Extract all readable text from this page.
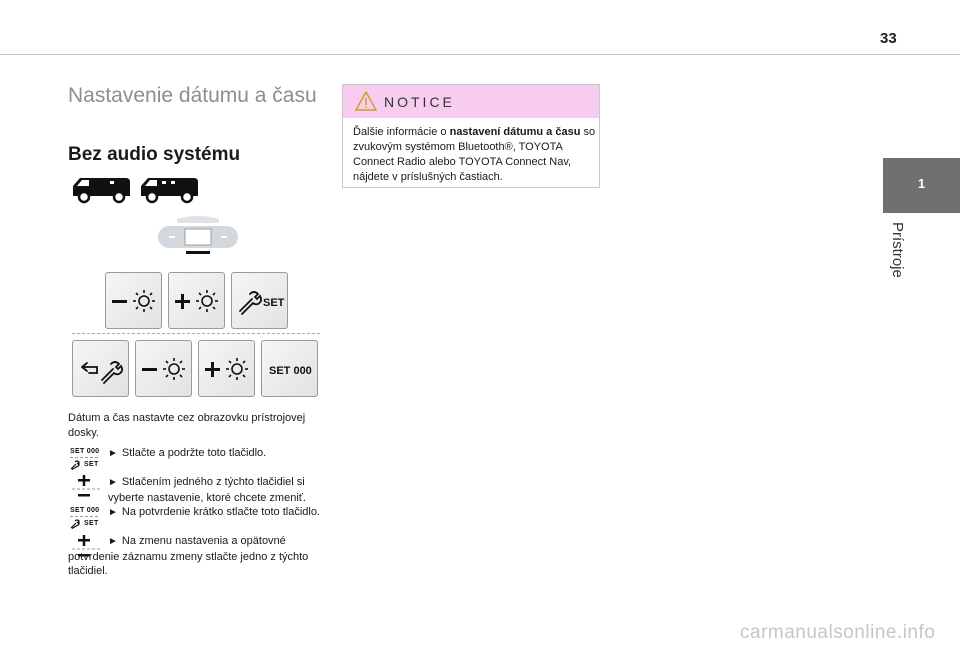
33
1
Prístroje
Nastavenie dátumu a času
Bez audio systému
SET
SET 000
Dátum a čas nastavte cez obrazovku prístrojovej dosky.
SET 000
SET
► Stlačte a podržte toto tlačidlo.
► Stlačením jedného z týchto tlačidiel si vyberte nastavenie, ktoré chcete zmeniť.
SET 000
SET
► Na potvrdenie krátko stlačte toto tlačidlo.
► Na zmenu nastavenia a opätovné potvrdenie záznamu zmeny stlačte jedno z týchto tlačidiel.
NOTICE
Ďalšie informácie o nastavení dátumu a času so zvukovým systémom Bluetooth®, TOYOTA Connect Radio alebo TOYOTA Connect Nav, nájdete v príslušných častiach.
carmanualsonline.info
